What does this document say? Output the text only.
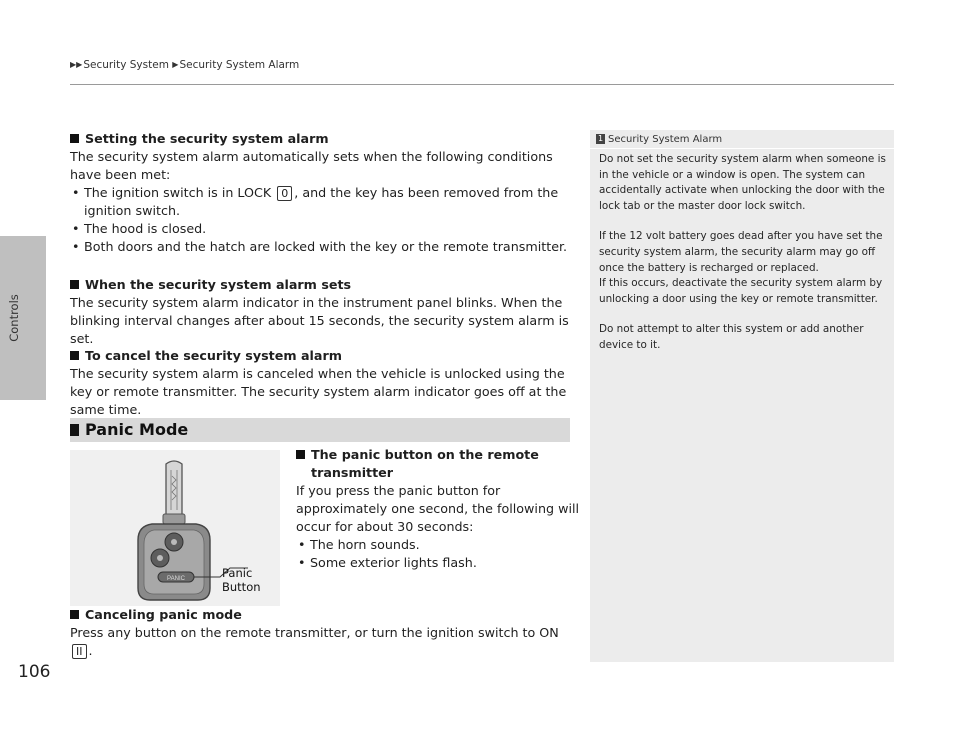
Controls
▶▶Security System ▶Security System Alarm
Setting the security system alarm

The security system alarm automatically sets when the following conditions have been met:

• The ignition switch is in LOCK 0 , and the key has been removed from the ignition switch.
• The hood is closed.
• Both doors and the hatch are locked with the key or the remote transmitter.
When the security system alarm sets

The security system alarm indicator in the instrument panel blinks. When the blinking interval changes after about 15 seconds, the security system alarm is set.

To cancel the security system alarm

The security system alarm is canceled when the vehicle is unlocked using the key or remote transmitter. The security system alarm indicator goes off at the same time.

Panic Mode
PANIC	Panic
Button
The panic button on the remote
transmitter

If you press the panic button for approximately one second, the following will occur for about 30 seconds:

• The horn sounds.
• Some exterior lights flash.
Canceling panic mode

Press any button on the remote transmitter, or turn the ignition switch to ON II .

1 Security System Alarm

Do not set the security system alarm when someone is in the vehicle or a window is open. The system can accidentally activate when unlocking the door with the lock tab or the master door lock switch.

If the 12 volt battery goes dead after you have set the security system alarm, the security alarm may go off once the battery is recharged or replaced.

If this occurs, deactivate the security system alarm by unlocking a door using the key or remote transmitter.

Do not attempt to alter this system or add another device to it.

106
